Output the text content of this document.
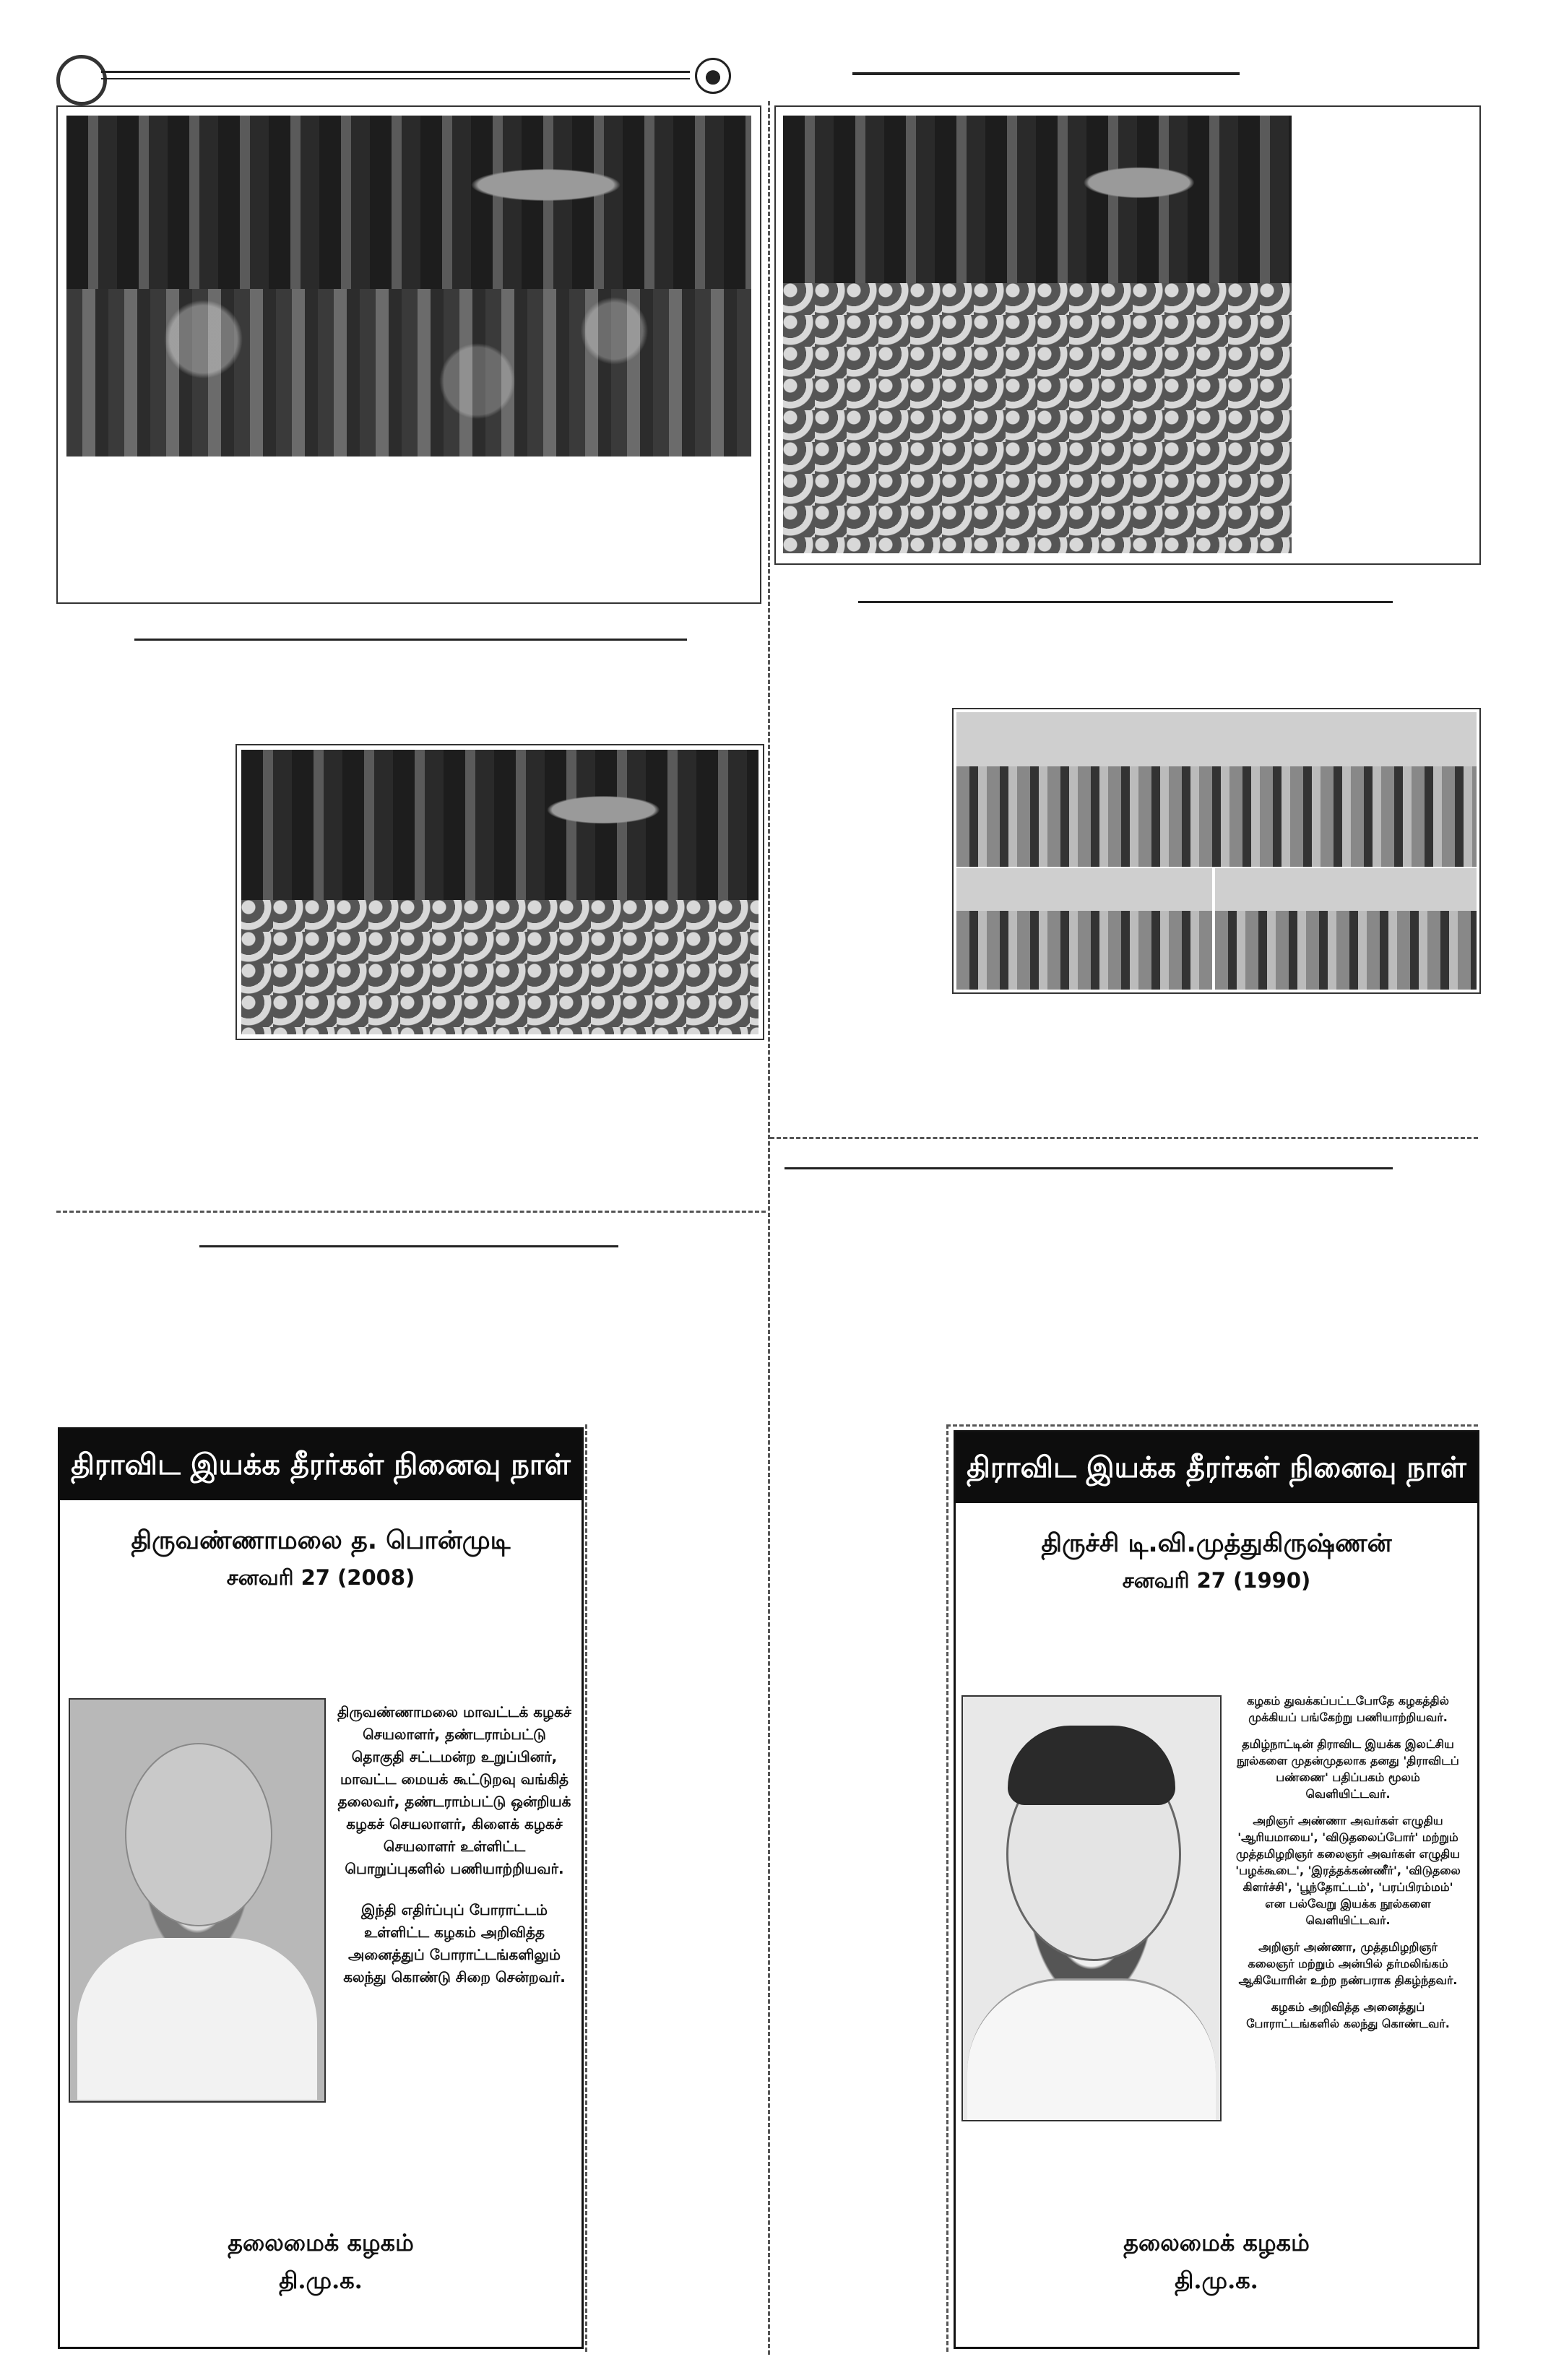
திராவிட இயக்க தீரர்கள் நினைவு நாள்
திருவண்ணாமலை த. பொன்முடி
சனவரி 27 (2008)

திருவண்ணாமலை மாவட்டக் கழகச் செயலாளர், தண்டராம்பட்டு தொகுதி சட்டமன்ற உறுப்பினர், மாவட்ட மையக் கூட்டுறவு வங்கித் தலைவர், தண்டராம்பட்டு ஒன்றியக் கழகச் செயலாளர், கிளைக் கழகச் செயலாளர் உள்ளிட்ட பொறுப்புகளில் பணியாற்றியவர்.

இந்தி எதிர்ப்புப் போராட்டம் உள்ளிட்ட கழகம் அறிவித்த அனைத்துப் போராட்டங்களிலும் கலந்து கொண்டு சிறை சென்றவர்.

தலைமைக் கழகம்
தி.மு.க.
திராவிட இயக்க தீரர்கள் நினைவு நாள்
திருச்சி டி.வி.முத்துகிருஷ்ணன்
சனவரி 27 (1990)

கழகம் துவக்கப்பட்டபோதே கழகத்தில் முக்கியப் பங்கேற்று பணியாற்றியவர்.

தமிழ்நாட்டின் திராவிட இயக்க இலட்சிய நூல்களை முதன்முதலாக தனது 'திராவிடப் பண்ணை' பதிப்பகம் மூலம் வெளியிட்டவர்.

அறிஞர் அண்ணா அவர்கள் எழுதிய 'ஆரியமாயை', 'விடுதலைப்போர்' மற்றும் முத்தமிழறிஞர் கலைஞர் அவர்கள் எழுதிய 'பழக்கூடை', 'இரத்தக்கண்ணீர்', 'விடுதலை கிளர்ச்சி', 'பூந்தோட்டம்', 'பரப்பிரம்மம்' என பல்வேறு இயக்க நூல்களை வெளியிட்டவர்.

அறிஞர் அண்ணா, முத்தமிழறிஞர் கலைஞர் மற்றும் அன்பில் தர்மலிங்கம் ஆகியோரின் உற்ற நண்பராக திகழ்ந்தவர்.

கழகம் அறிவித்த அனைத்துப் போராட்டங்களில் கலந்து கொண்டவர்.

தலைமைக் கழகம்
தி.மு.க.
